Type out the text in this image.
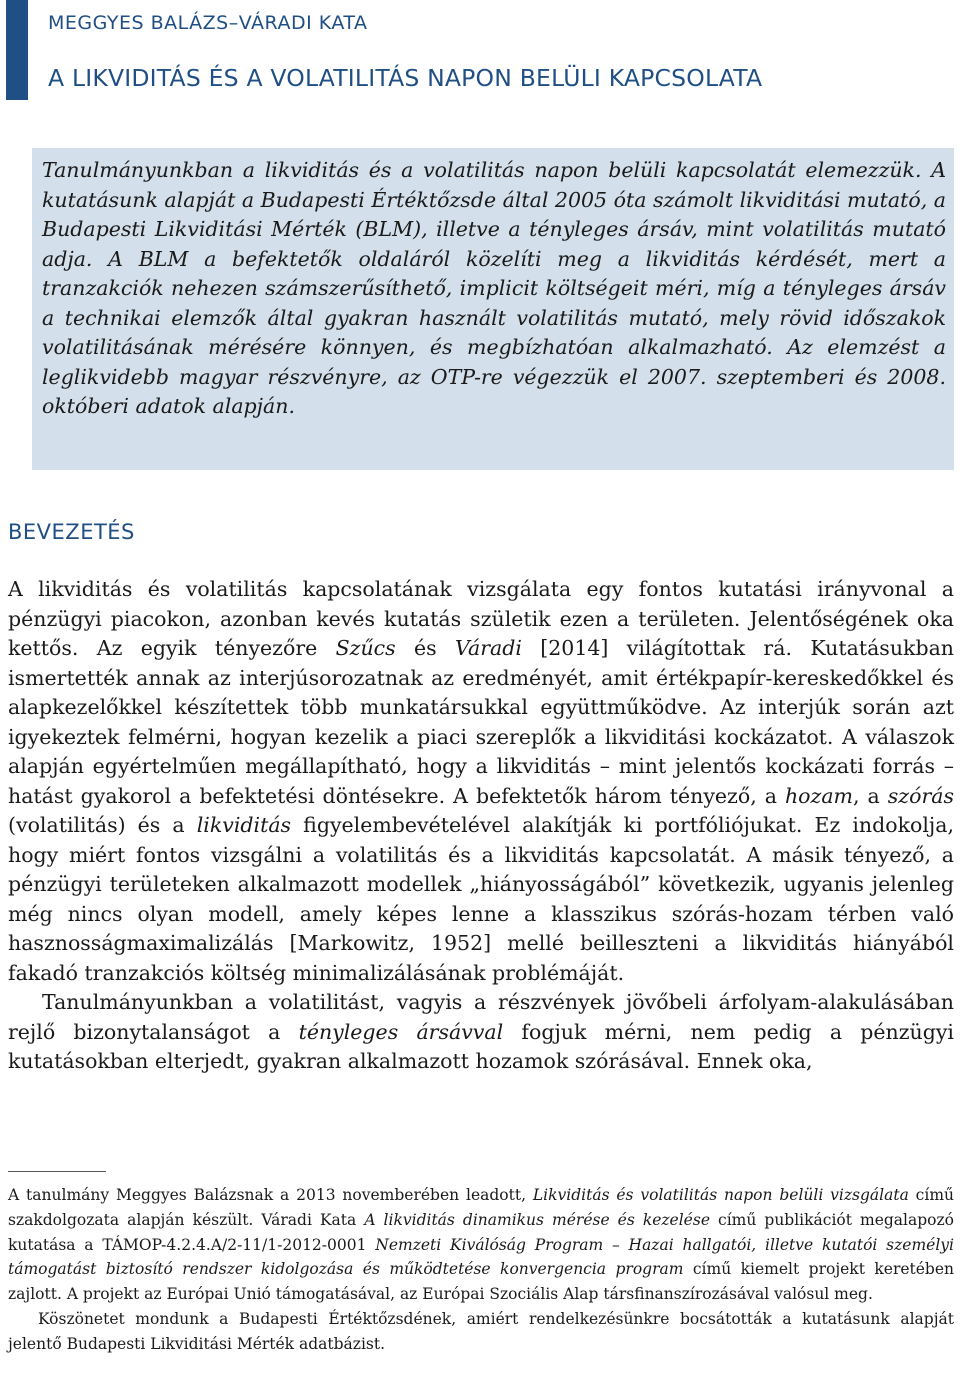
MEGGYES BALÁZS–VÁRADI KATA
A LIKVIDITÁS ÉS A VOLATILITÁS NAPON BELÜLI KAPCSOLATA

Tanulmányunkban a likviditás és a volatilitás napon belüli kapcsolatát elemezzük. A kutatásunk alapját a Budapesti Értéktőzsde által 2005 óta számolt likviditási mutató, a Budapesti Likviditási Mérték (BLM), illetve a tényleges ársáv, mint volatilitás mutató adja. A BLM a befektetők oldaláról közelíti meg a likviditás kérdését, mert a tranzakciók nehezen számszerűsíthető, implicit költségeit méri, míg a tényleges ársáv a technikai elemzők által gyakran használt volatilitás mutató, mely rövid időszakok volatilitásának mérésére könnyen, és megbízhatóan alkalmazható. Az elemzést a leglikvidebb magyar részvényre, az OTP-re végezzük el 2007. szeptemberi és 2008. októberi adatok alapján.

BEVEZETÉS

A likviditás és volatilitás kapcsolatának vizsgálata egy fontos kutatási irányvonal a pénzügyi piacokon, azonban kevés kutatás születik ezen a területen. Jelentőségének oka kettős. Az egyik tényezőre Szűcs és Váradi [2014] világítottak rá. Kutatásukban ismertették annak az interjúsorozatnak az eredményét, amit értékpapír-kereskedőkkel és alapkezelőkkel készítettek több munkatársukkal együttműködve. Az interjúk során azt igyekeztek felmérni, hogyan kezelik a piaci szereplők a likviditási kockázatot. A válaszok alapján egyértelműen megállapítható, hogy a likviditás – mint jelentős kockázati forrás – hatást gyakorol a befektetési döntésekre. A befektetők három tényező, a hozam, a szórás (volatilitás) és a likviditás figyelembevételével alakítják ki portfóliójukat. Ez indokolja, hogy miért fontos vizsgálni a volatilitás és a likviditás kapcsolatát. A másik tényező, a pénzügyi területeken alkalmazott modellek „hiányosságából” következik, ugyanis jelenleg még nincs olyan modell, amely képes lenne a klasszikus szórás-hozam térben való hasznosságmaximalizálás [Markowitz, 1952] mellé beilleszteni a likviditás hiányából fakadó tranzakciós költség minimalizálásának problémáját.

Tanulmányunkban a volatilitást, vagyis a részvények jövőbeli árfolyam-alakulásában rejlő bizonytalanságot a tényleges ársávval fogjuk mérni, nem pedig a pénzügyi kutatásokban elterjedt, gyakran alkalmazott hozamok szórásával. Ennek oka,

A tanulmány Meggyes Balázsnak a 2013 novemberében leadott, Likviditás és volatilitás napon belüli vizsgálata című szakdolgozata alapján készült. Váradi Kata A likviditás dinamikus mérése és kezelése című publikációt megalapozó kutatása a TÁMOP-4.2.4.A/2-11/1-2012-0001 Nemzeti Kiválóság Program – Hazai hallgatói, illetve kutatói személyi támogatást biztosító rendszer kidolgozása és működtetése konvergencia program című kiemelt projekt keretében zajlott. A projekt az Európai Unió támogatásával, az Európai Szociális Alap társfinanszírozásával valósul meg.

Köszönetet mondunk a Budapesti Értéktőzsdének, amiért rendelkezésünkre bocsátották a kutatásunk alapját jelentő Budapesti Likviditási Mérték adatbázist.
